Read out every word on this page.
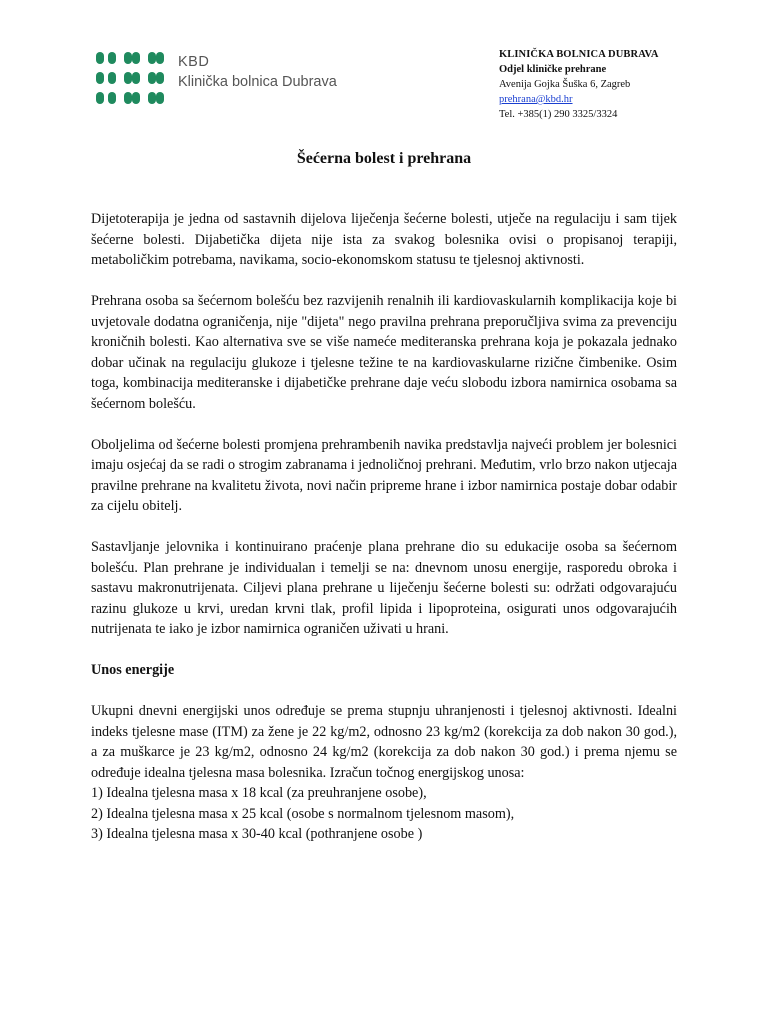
KBD
Klinička bolnica Dubrava
KLINIČKA BOLNICA DUBRAVA
Odjel kliničke prehrane
Avenija Gojka Šuška 6, Zagreb
prehrana@kbd.hr
Tel. +385(1) 290 3325/3324
Šećerna bolest i prehrana

Dijetoterapija je jedna od sastavnih dijelova liječenja šećerne bolesti, utječe na regulaciju i sam tijek šećerne bolesti. Dijabetička dijeta nije ista za svakog bolesnika ovisi o propisanoj terapiji, metaboličkim potrebama, navikama, socio-ekonomskom statusu te tjelesnoj aktivnosti.

Prehrana osoba sa šećernom bolešću bez razvijenih renalnih ili kardiovaskularnih komplikacija koje bi uvjetovale dodatna ograničenja, nije "dijeta" nego pravilna prehrana preporučljiva svima za prevenciju kroničnih bolesti. Kao alternativa sve se više nameće mediteranska prehrana koja je pokazala jednako dobar učinak na regulaciju glukoze i tjelesne težine te na kardiovaskularne rizične čimbenike. Osim toga, kombinacija mediteranske i dijabetičke prehrane daje veću slobodu izbora namirnica osobama sa šećernom bolešću.

Oboljelima od šećerne bolesti promjena prehrambenih navika predstavlja najveći problem jer bolesnici imaju osjećaj da se radi o strogim zabranama i jednoličnoj prehrani. Međutim, vrlo brzo nakon utjecaja pravilne prehrane na kvalitetu života, novi način pripreme hrane i izbor namirnica postaje dobar odabir za cijelu obitelj.

Sastavljanje jelovnika i kontinuirano praćenje plana prehrane dio su edukacije osoba sa šećernom bolešću. Plan prehrane je individualan i temelji se na: dnevnom unosu energije, rasporedu obroka i sastavu makronutrijenata. Ciljevi plana prehrane u liječenju šećerne bolesti su: održati odgovarajuću razinu glukoze u krvi, uredan krvni tlak, profil lipida i lipoproteina, osigurati unos odgovarajućih nutrijenata te iako je izbor namirnica ograničen uživati u hrani.

Unos energije

Ukupni dnevni energijski unos određuje se prema stupnju uhranjenosti i tjelesnoj aktivnosti. Idealni indeks tjelesne mase (ITM) za žene je 22 kg/m2, odnosno 23 kg/m2 (korekcija za dob nakon 30 god.), a za muškarce je 23 kg/m2, odnosno 24 kg/m2 (korekcija za dob nakon 30 god.) i prema njemu se određuje idealna tjelesna masa bolesnika. Izračun točnog energijskog unosa:

1) Idealna tjelesna masa x 18 kcal (za preuhranjene osobe),
2) Idealna tjelesna masa x 25 kcal (osobe s normalnom tjelesnom masom),
3) Idealna tjelesna masa x 30-40 kcal (pothranjene osobe )
